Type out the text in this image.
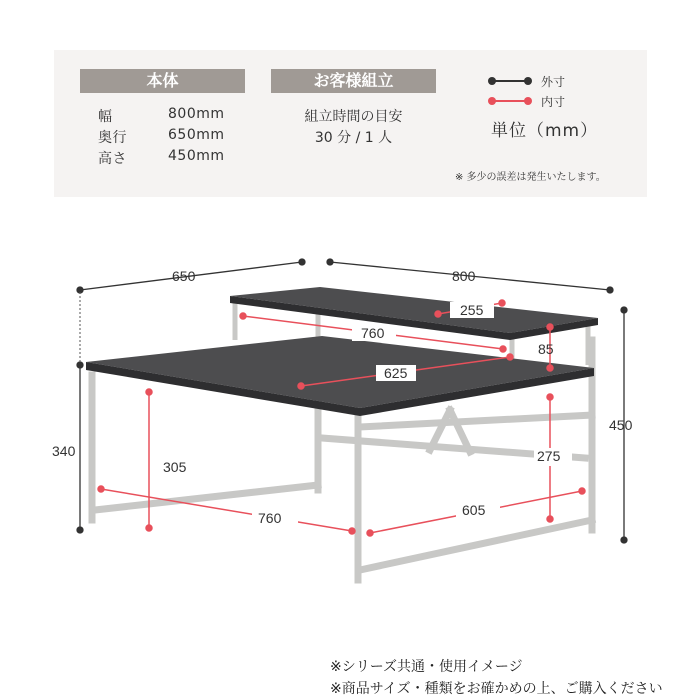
本体	お客様組立
幅	800mm
奥行	650mm
高さ	450mm
組立時間の目安
30 分 / 1 人
外寸
内寸
単位（mm）
※ 多少の誤差は発生いたします。
650	800
255
760
85
625
450
340
305
275
760	605
※シリーズ共通・使用イメージ
※商品サイズ・種類をお確かめの上、ご購入ください
